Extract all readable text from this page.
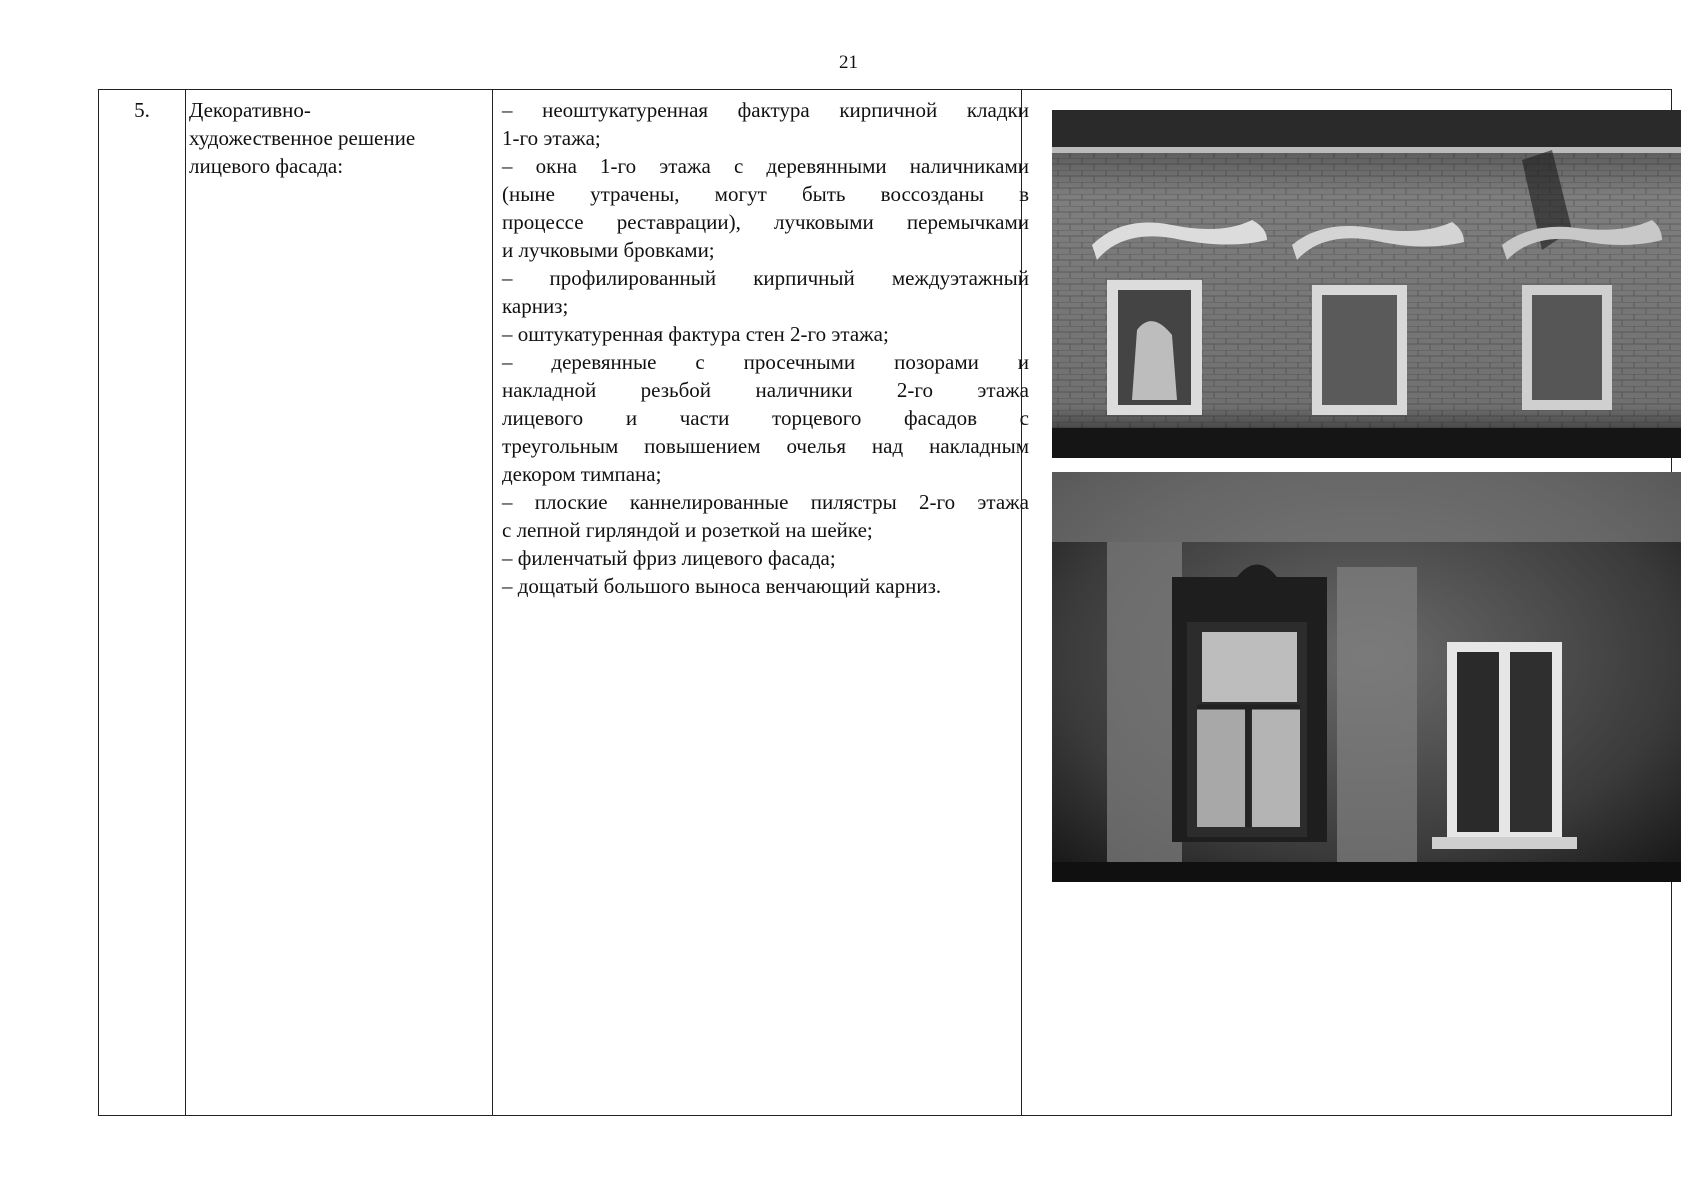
21
5.	Декоративно-
художественное решение
лицевого фасада:
– неоштукатуренная фактура кирпичной кладки
1-го этажа;
– окна 1-го этажа с деревянными наличниками
(ныне утрачены, могут быть воссозданы в
процессе реставрации), лучковыми перемычками
и лучковыми бровками;
– профилированный кирпичный междуэтажный
карниз;
– оштукатуренная фактура стен 2-го этажа;
– деревянные с просечными позорами и
накладной резьбой наличники 2-го этажа
лицевого и части торцевого фасадов с
треугольным повышением очелья над накладным
декором тимпана;
– плоские каннелированные пилястры 2-го этажа
с лепной гирляндой и розеткой на шейке;
– филенчатый фриз лицевого фасада;
– дощатый большого выноса венчающий карниз.
